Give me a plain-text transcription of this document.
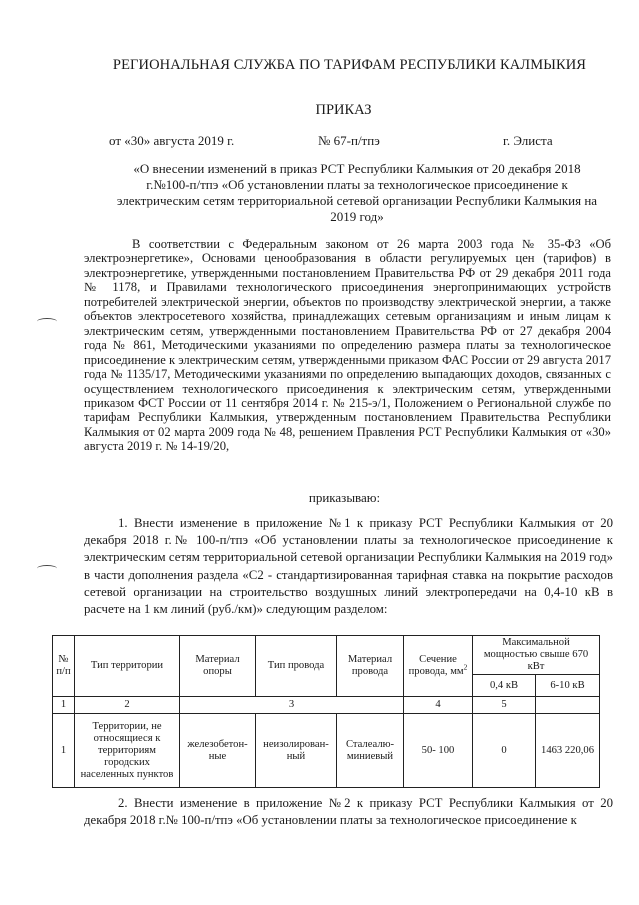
РЕГИОНАЛЬНАЯ СЛУЖБА ПО ТАРИФАМ РЕСПУБЛИКИ КАЛМЫКИЯ
ПРИКАЗ
от «30» августа 2019 г.	№ 67-п/тпэ	г. Элиста
«О внесении изменений в приказ РСТ Республики Калмыкия от 20 декабря 2018
г.№100-п/тпэ «Об установлении платы за технологическое присоединение к
электрическим сетям территориальной сетевой организации Республики Калмыкия на
2019 год»

В соответствии с Федеральным законом от 26 марта 2003 года № 35-ФЗ «Об электроэнергетике», Основами ценообразования в области регулируемых цен (тарифов) в электроэнергетике, утвержденными постановлением Правительства РФ от 29 декабря 2011 года № 1178, и Правилами технологического присоединения энергопринимающих устройств потребителей электрической энергии, объектов по производству электрической энергии, а также объектов электросетевого хозяйства, принадлежащих сетевым организациям и иным лицам к электрическим сетям, утвержденными постановлением Правительства РФ от 27 декабря 2004 года № 861, Методическими указаниями по определению размера платы за технологическое присоединение к электрическим сетям, утвержденными приказом ФАС России от 29 августа 2017 года № 1135/17, Методическими указаниями по определению выпадающих доходов, связанных с осуществлением технологического присоединения к электрическим сетям, утвержденными приказом ФСТ России от 11 сентября 2014 г. № 215-э/1, Положением о Региональной службе по тарифам Республики Калмыкия, утвержденным постановлением Правительства Республики Калмыкия от 02 марта 2009 года № 48, решением Правления РСТ Республики Калмыкия от «30» августа 2019 г. № 14-19/20,

приказываю:

1. Внести изменение в приложение №1 к приказу РСТ Республики Калмыкия от 20 декабря 2018 г.№ 100-п/тпэ «Об установлении платы за технологическое присоединение к электрическим сетям территориальной сетевой организации Республики Калмыкия на 2019 год» в части дополнения раздела «С2 - стандартизированная тарифная ставка на покрытие расходов сетевой организации на строительство воздушных линий электропередачи на 0,4-10 кВ в расчете на 1 км линий (руб./км)» следующим разделом:

№ п/п	Тип территории	Материал опоры	Тип провода	Материал провода	Сечение провода, $мм^2$	Максимальной мощностью свыше 670 кВт	
						0,4 кВ	6-10 кВ
1	2	3			4	5	
1	Территории, не относящиеся к территориям городских населенных пунктов	железобетон-ные	неизолирован-ный	Сталеалю-миниевый	50- 100	0	1463 220,06

2. Внести изменение в приложение №2 к приказу РСТ Республики Калмыкия от 20 декабря 2018 г.№ 100-п/тпэ «Об установлении платы за технологическое присоединение к
